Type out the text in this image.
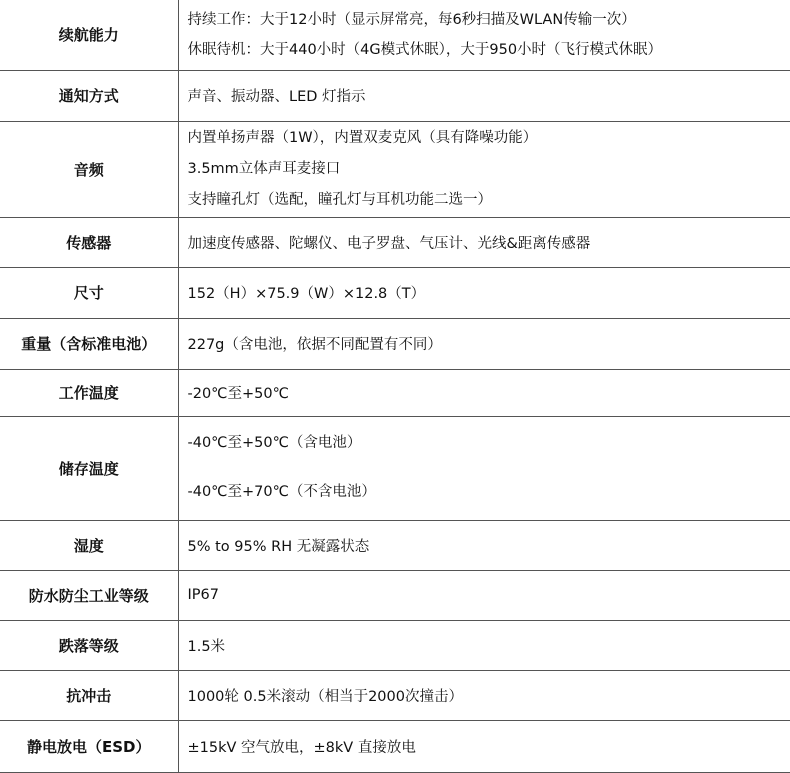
续航能力	持续工作：大于12小时（显示屏常亮，每6秒扫描及WLAN传输一次）
休眠待机：大于440小时（4G模式休眠），大于950小时（飞行模式休眠）

通知方式	声音、振动器、LED 灯指示

音频	内置单扬声器（1W），内置双麦克风（具有降噪功能）
3.5mm立体声耳麦接口
支持瞳孔灯（选配，瞳孔灯与耳机功能二选一）

传感器	加速度传感器、陀螺仪、电子罗盘、气压计、光线&距离传感器

尺寸	152（H）×75.9（W）×12.8（T）

重量（含标准电池）	227g（含电池，依据不同配置有不同）

工作温度	-20℃至+50℃

储存温度	-40℃至+50℃（含电池）
-40℃至+70℃（不含电池）

湿度	5% to 95% RH 无凝露状态

防水防尘工业等级	IP67

跌落等级	1.5米

抗冲击	1000轮 0.5米滚动（相当于2000次撞击）

静电放电（ESD）	±15kV 空气放电，±8kV 直接放电
